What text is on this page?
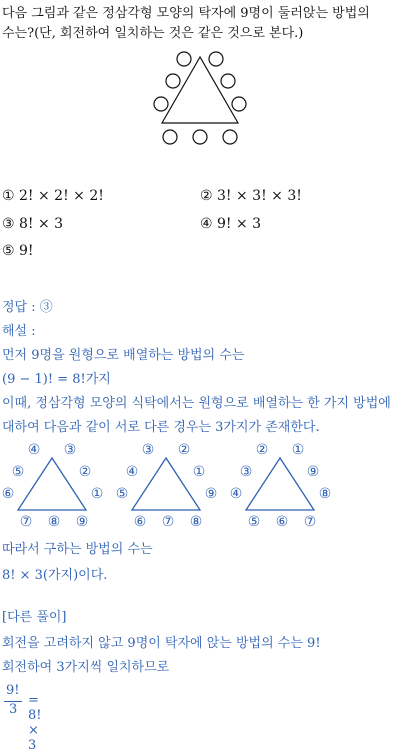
다음 그림과 같은 정삼각형 모양의 탁자에 9명이 둘러앉는 방법의
수는?(단, 회전하여 일치하는 것은 같은 것으로 본다.)
① 2! × 2! × 2!	② 3! × 3! × 3!
③ 8! × 3	④ 9! × 3
⑤ 9!
정답 : ③
해설 :
먼저 9명을 원형으로 배열하는 방법의 수는
(9 − 1)! = 8!가지
이때, 정삼각형 모양의 식탁에서는 원형으로 배열하는 한 가지 방법에
대하여 다음과 같이 서로 다른 경우는 3가지가 존재한다.
④ ③
⑤	②
⑥	①
⑦ ⑧ ⑨
③ ②
④	①
⑤	⑨
⑥ ⑦ ⑧
② ①
③	⑨
④	⑧
⑤ ⑥ ⑦
따라서 구하는 방법의 수는
8! × 3(가지)이다.
[다른 풀이]
회전을 고려하지 않고 9명이 탁자에 앉는 방법의 수는 9!
회전하여 3가지씩 일치하므로
9!
3
= 8! × 3
